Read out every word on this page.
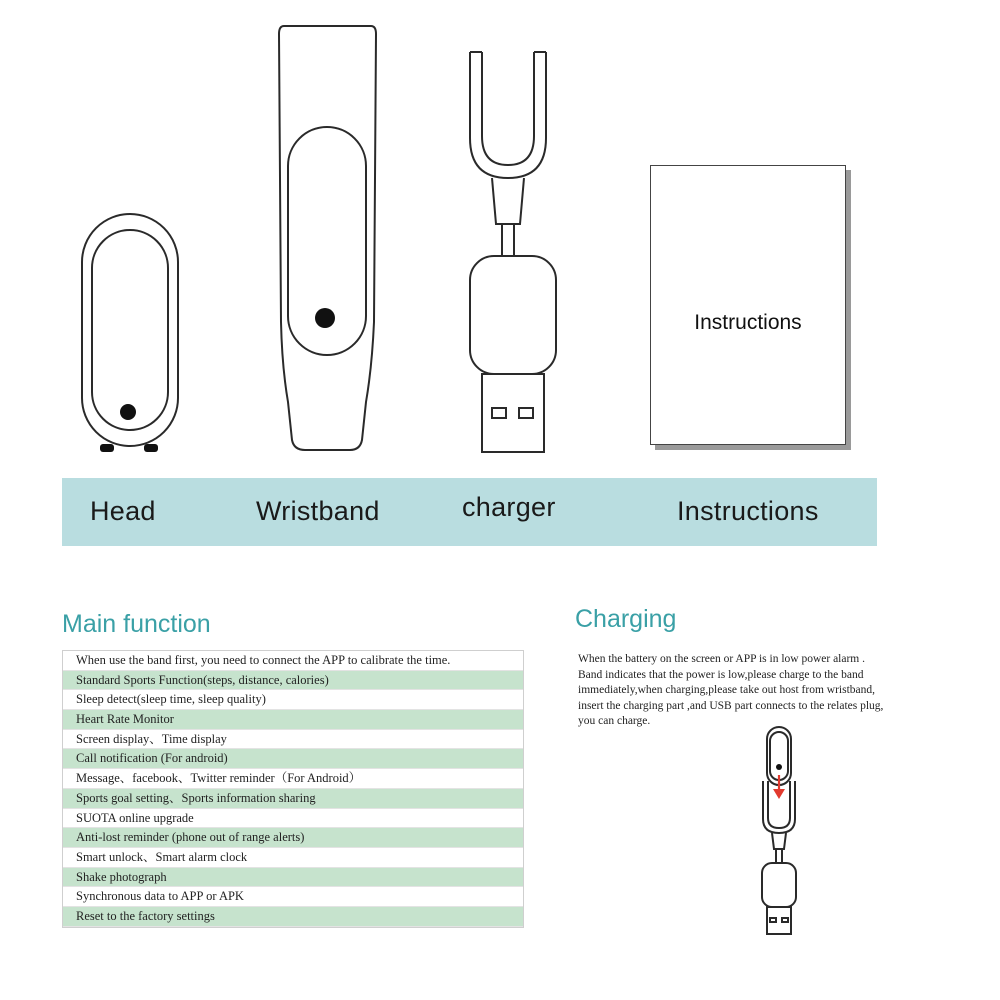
Instructions
Head	Wristband	charger	Instructions
Main function
When use the band first, you need to connect the APP to calibrate the time.
Standard Sports Function(steps, distance, calories)
Sleep detect(sleep time, sleep quality)
Heart Rate Monitor
Screen display、Time display
Call notification (For android)
Message、facebook、Twitter reminder（For Android）
Sports goal setting、Sports information sharing
SUOTA online upgrade
Anti-lost reminder (phone out of range alerts)
Smart unlock、Smart alarm clock
Shake photograph
Synchronous data to APP or APK
Reset to the factory settings
Charging
When the battery on the screen or APP is in low power alarm .
Band indicates that the power is low,please charge to the band
immediately,when charging,please take out host from wristband,
insert the charging part ,and USB part connects to the relates plug,
you can charge.
